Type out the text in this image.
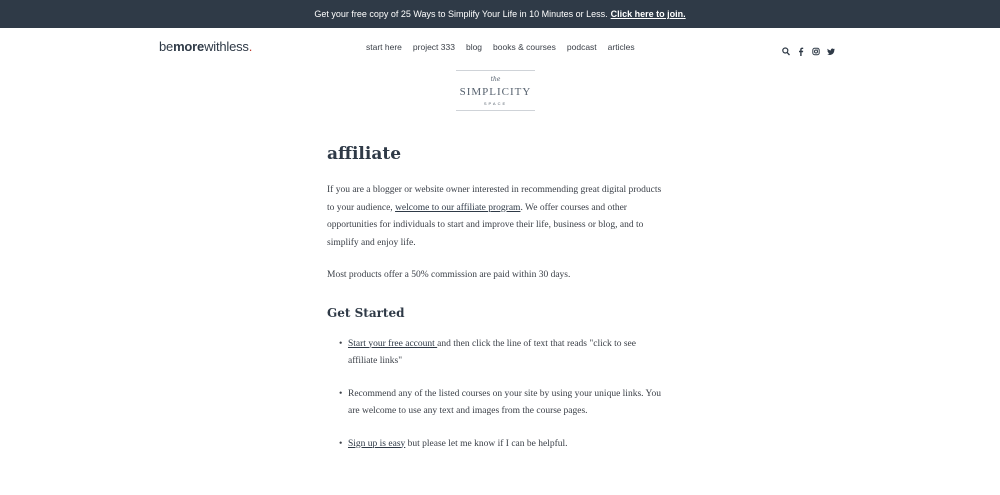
Get your free copy of 25 Ways to Simplify Your Life in 10 Minutes or Less. Click here to join.
bemorewithless.	start here project 333 blog books & courses podcast articles
the
SIMPLICITY
SPACE
affiliate

If you are a blogger or website owner interested in recommending great digital products to your audience, welcome to our affiliate program. We offer courses and other opportunities for individuals to start and improve their life, business or blog, and to simplify and enjoy life.

Most products offer a 50% commission are paid within 30 days.

Get Started
• Start your free account and then click the line of text that reads "click to see affiliate links"
• Recommend any of the listed courses on your site by using your unique links. You are welcome to use any text and images from the course pages.
• Sign up is easy but please let me know if I can be helpful.
